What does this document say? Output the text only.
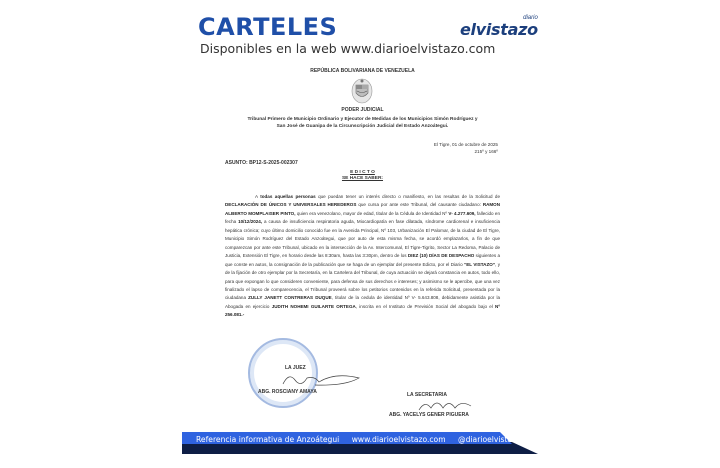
CARTELES
Disponibles en la web www.diarioelvistazo.com
elvistazo
diario
REPÚBLICA BOLIVARIANA DE VENEZUELA
PODER JUDICIAL
Tribunal Primero de Municipio Ordinario y Ejecutor de Medidas de los Municipios Simón Rodríguez y San José de Guanipa de la Circunscripción Judicial del Estado Anzoátegui.
El Tigre, 01 de octubre de 2025
215º y 166º
ASUNTO: BP12-S-2025-002307
E D I C T O
SE HACE SABER:
A todas aquellas personas que puedan tener un interés directo o manifiesto, en las resultas de la Solicitud de DECLARACIÓN DE ÚNICOS Y UNIVERSALES HEREDEROS que cursa por ante este Tribunal, del causante ciudadano: RAMON ALBERTO MOMPLAISER PINTO, quien era venezolano, mayor de edad, titular de la Cédula de Identidad Nº V- 4.277.609, fallecido en fecha 10/12/2024, a causa de insuficiencia respiratoria aguda, Miocardiopatía en fase dilatada, síndrome cardiorenal e insuficiencia hepática crónica; cuyo último domicilio conocido fue en la Avenida Principal, Nº 103, Urbanización El Palomar, de la ciudad de El Tigre, Municipio Simón Rodríguez del Estado Anzoátegui, que por auto de esta misma fecha, se acordó emplazarlos, a fin de que comparezcan por ante este Tribunal, ubicado en la intersección de la Av. Intercomunal, El Tigre-Tigrito, Sector La Redoma, Palacio de Justicia, Extensión El Tigre, en horario desde las 8:30am, hasta las 3:30pm, dentro de los DIEZ (10) DÍAS DE DESPACHO siguientes a que conste en autos, la consignación de la publicación que se haga de un ejemplar del presente Edicto, por el Diario “EL VISTAZO”, y de la fijación de otro ejemplar por la Secretaría, en la Cartelera del Tribunal, de cuya actuación se dejará constancia en autos, todo ello, para que expongan lo que consideren conveniente, para defensa de sus derechos e intereses; y asimismo se le apercibe, que una vez finalizado el lapso de comparecencia, el Tribunal proveerá sobre los petitorios contenidos en la referida Solicitud, presentada por la ciudadana ZULLY JANETT CONTRERAS DUQUE, titular de la cedula de identidad Nº V- 5.643.808, debidamente asistida por la Abogada en ejercicio JUDITH NOHEMI GUILARTE ORTEGA, inscrita en el Instituto de Previsión Social del abogado bajo el Nº 256.081.-
LA JUEZ
ABG. ROSCIANY AMAYA	LA SECRETARIA
ABG. YACELYS GENER PIGUERA
Referencia informativa de Anzoátegui www.diarioelvistazo.com @diarioelvistazo
